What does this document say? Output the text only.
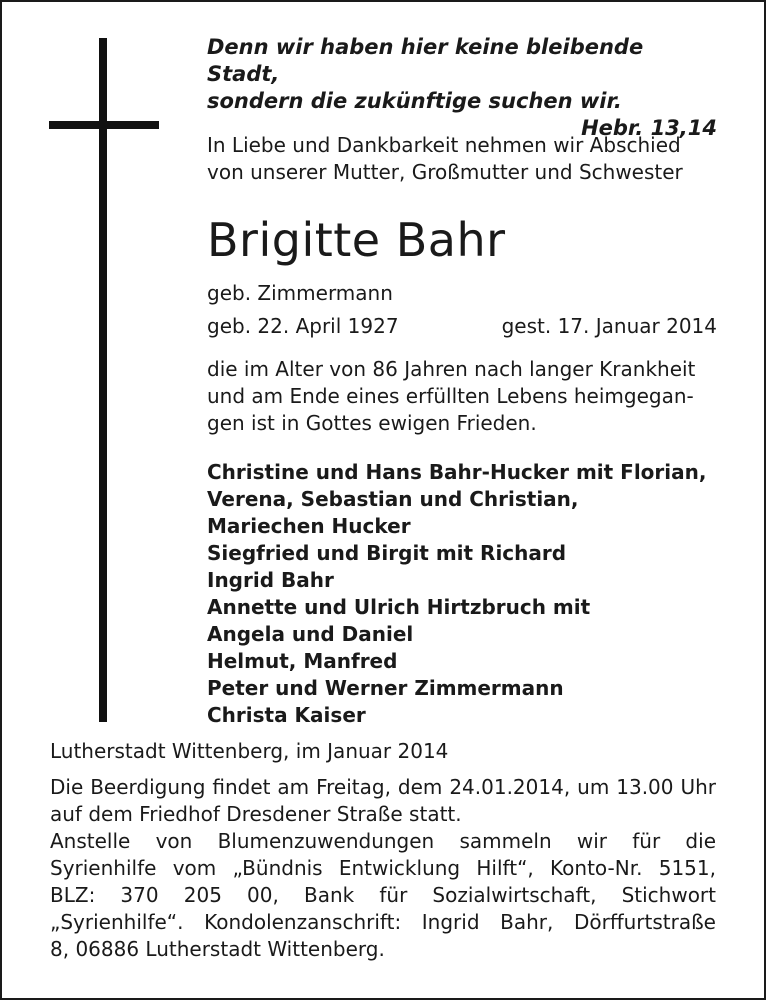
Denn wir haben hier keine bleibende Stadt,
sondern die zukünftige suchen wir.
Hebr. 13,14
In Liebe und Dankbarkeit nehmen wir Abschied
von unserer Mutter, Großmutter und Schwester
Brigitte Bahr
geb. Zimmermann
geb. 22. April 1927	gest. 17. Januar 2014
die im Alter von 86 Jahren nach langer Krankheit
und am Ende eines erfüllten Lebens heimgegan-
gen ist in Gottes ewigen Frieden.
Christine und Hans Bahr-Hucker mit Florian,
Verena, Sebastian und Christian,
Mariechen Hucker
Siegfried und Birgit mit Richard
Ingrid Bahr
Annette und Ulrich Hirtzbruch mit
Angela und Daniel
Helmut, Manfred
Peter und Werner Zimmermann
Christa Kaiser
Lutherstadt Wittenberg, im Januar 2014
Die Beerdigung findet am Freitag, dem 24.01.2014, um 13.00 Uhr auf dem Friedhof Dresdener Straße statt.
Anstelle von Blumenzuwendungen sammeln wir für die
Syrienhilfe vom „Bündnis Entwicklung Hilft“, Konto-Nr. 5151,
BLZ: 370 205 00, Bank für Sozialwirtschaft, Stichwort
„Syrienhilfe“. Kondolenzanschrift: Ingrid Bahr, Dörffurtstraße
8, 06886 Lutherstadt Wittenberg.
